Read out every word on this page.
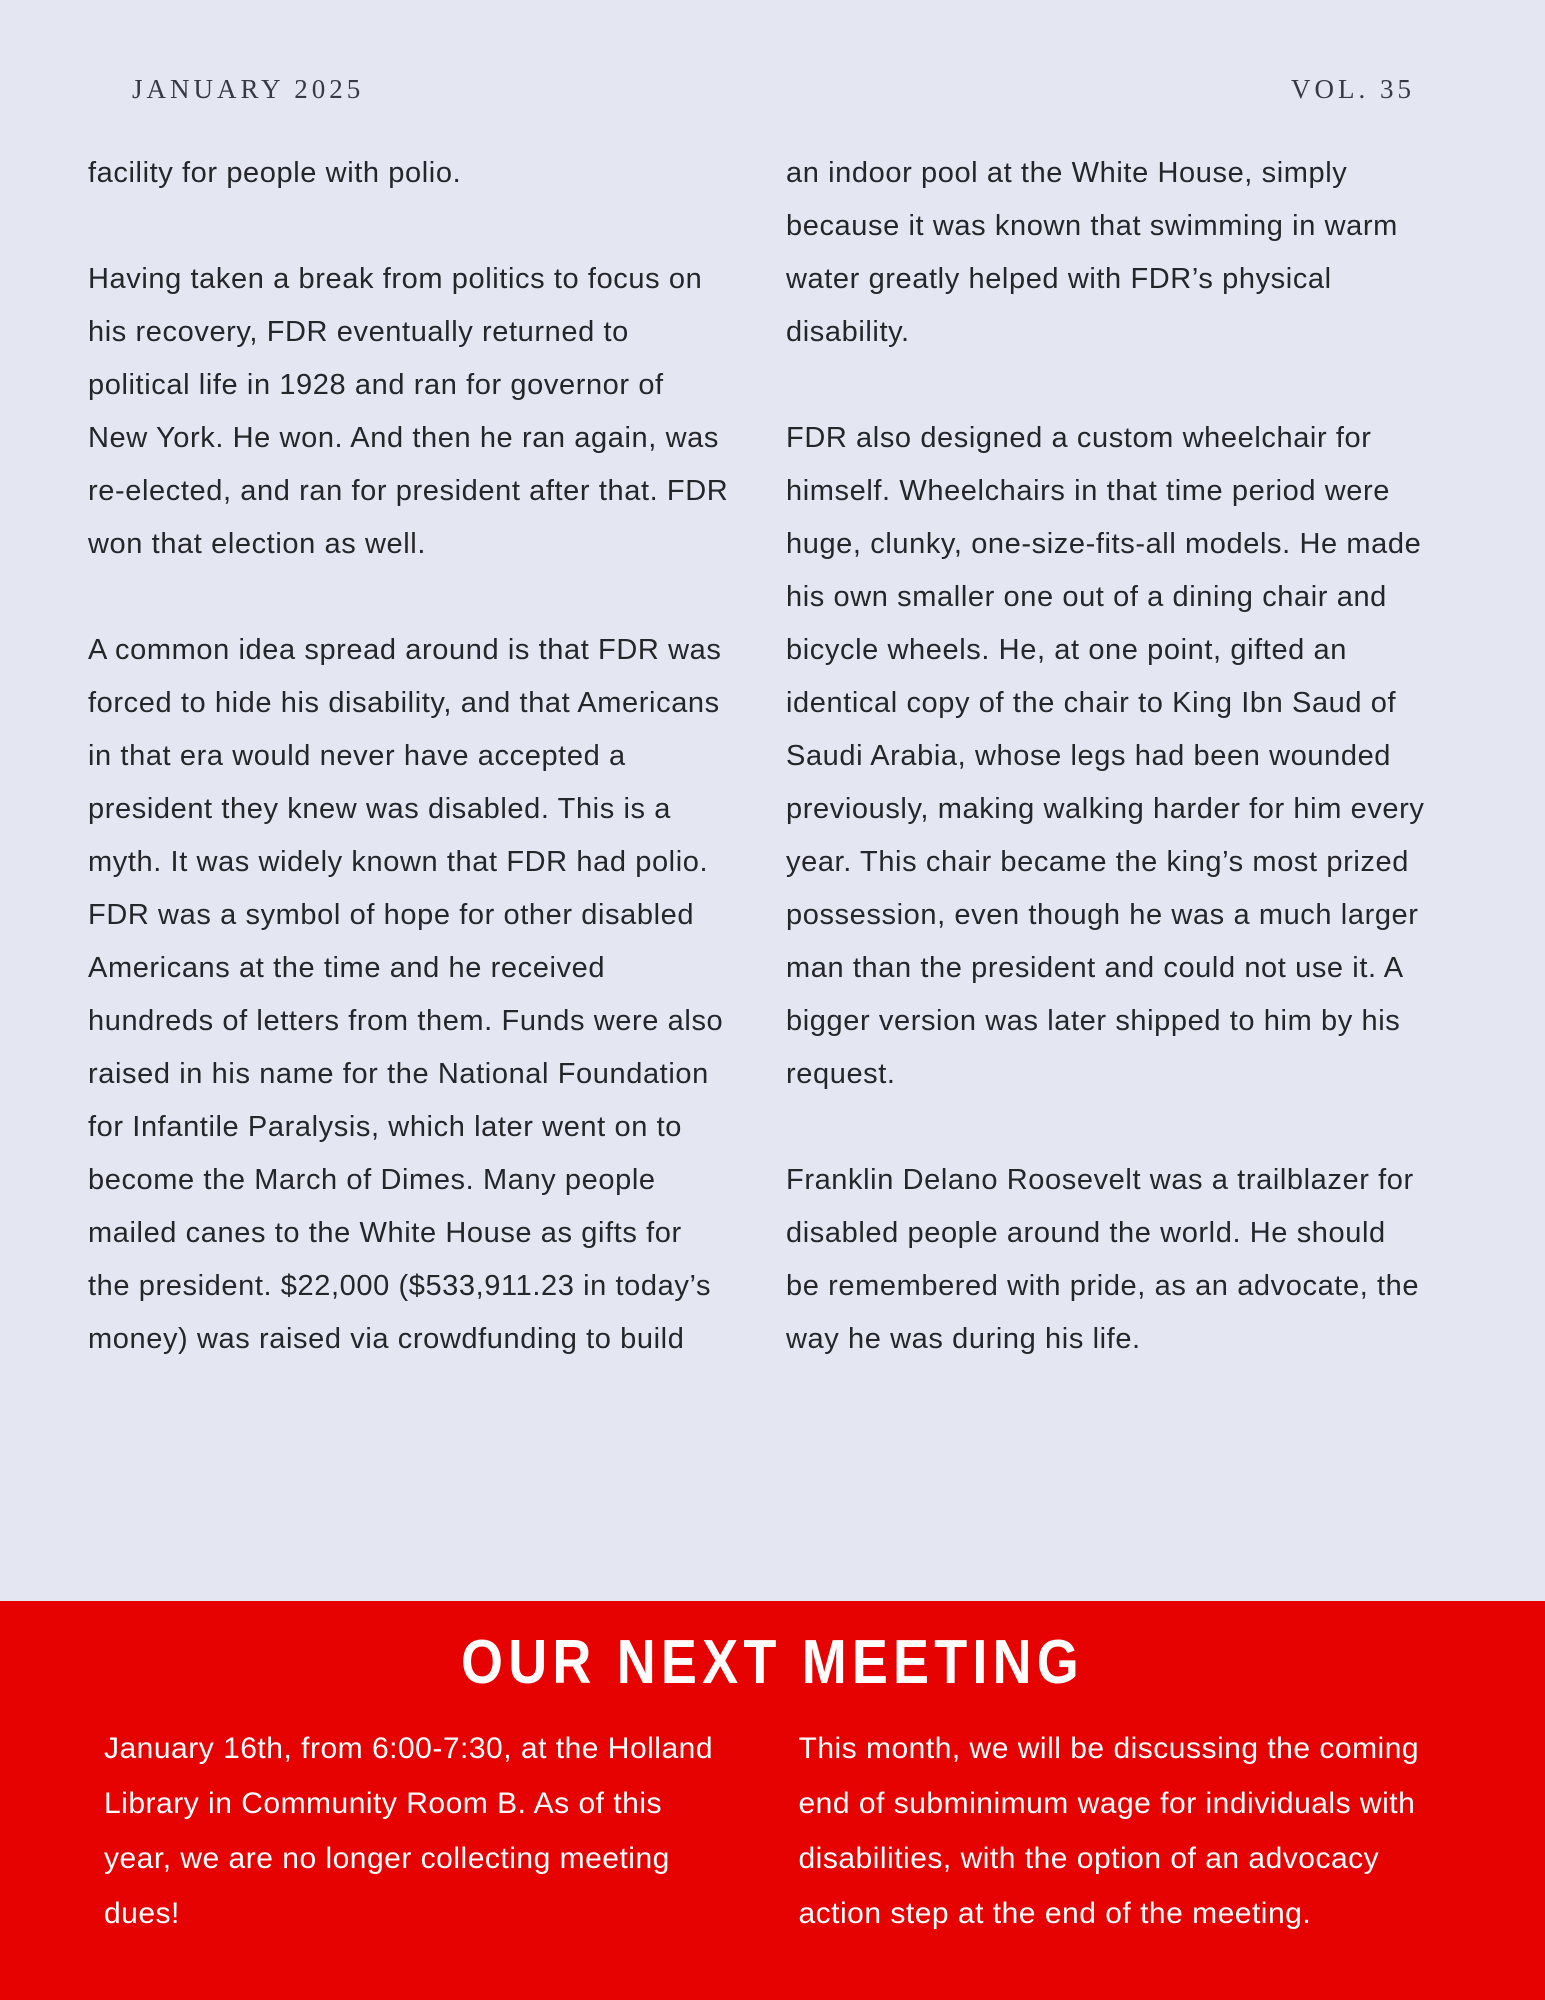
JANUARY 2025	VOL. 35

facility for people with polio.

Having taken a break from politics to focus on his recovery, FDR eventually returned to political life in 1928 and ran for governor of New York. He won. And then he ran again, was re-elected, and ran for president after that. FDR won that election as well.

A common idea spread around is that FDR was forced to hide his disability, and that Americans in that era would never have accepted a president they knew was disabled. This is a myth. It was widely known that FDR had polio. FDR was a symbol of hope for other disabled Americans at the time and he received hundreds of letters from them. Funds were also raised in his name for the National Foundation for Infantile Paralysis, which later went on to become the March of Dimes. Many people mailed canes to the White House as gifts for the president. $22,000 ($533,911.23 in today’s money) was raised via crowdfunding to build

an indoor pool at the White House, simply because it was known that swimming in warm water greatly helped with FDR’s physical disability.

FDR also designed a custom wheelchair for himself. Wheelchairs in that time period were huge, clunky, one-size-fits-all models. He made his own smaller one out of a dining chair and bicycle wheels. He, at one point, gifted an identical copy of the chair to King Ibn Saud of Saudi Arabia, whose legs had been wounded previously, making walking harder for him every year. This chair became the king’s most prized possession, even though he was a much larger man than the president and could not use it. A bigger version was later shipped to him by his request.

Franklin Delano Roosevelt was a trailblazer for disabled people around the world. He should be remembered with pride, as an advocate, the way he was during his life.

OUR NEXT MEETING

January 16th, from 6:00-7:30, at the Holland Library in Community Room B. As of this year, we are no longer collecting meeting dues!

This month, we will be discussing the coming end of subminimum wage for individuals with disabilities, with the option of an advocacy action step at the end of the meeting.
